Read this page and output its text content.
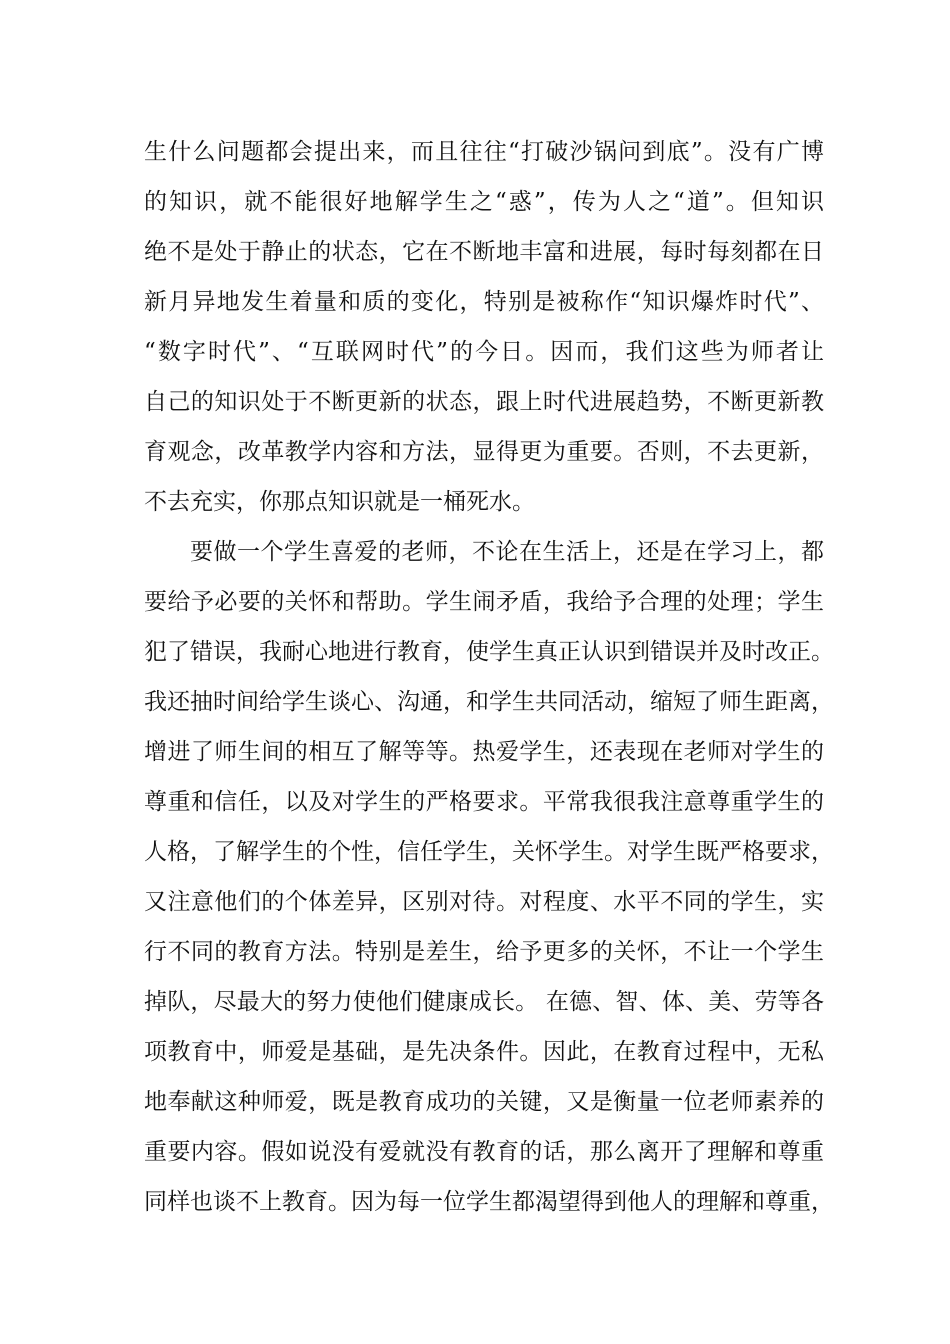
生什么问题都会提出来，而且往往“打破沙锅问到底”。没有广博
的知识，就不能很好地解学生之“惑”，传为人之“道”。但知识
绝不是处于静止的状态，它在不断地丰富和进展，每时每刻都在日
新月异地发生着量和质的变化，特别是被称作“知识爆炸时代”、
“数字时代”、“互联网时代”的今日。因而，我们这些为师者让
自己的知识处于不断更新的状态，跟上时代进展趋势，不断更新教
育观念，改革教学内容和方法，显得更为重要。否则，不去更新，
不去充实，你那点知识就是一桶死水。
要做一个学生喜爱的老师，不论在生活上，还是在学习上，都
要给予必要的关怀和帮助。学生闹矛盾，我给予合理的处理；学生
犯了错误，我耐心地进行教育，使学生真正认识到错误并及时改正。
我还抽时间给学生谈心、沟通，和学生共同活动，缩短了师生距离，
增进了师生间的相互了解等等。热爱学生，还表现在老师对学生的
尊重和信任，以及对学生的严格要求。平常我很我注意尊重学生的
人格，了解学生的个性，信任学生，关怀学生。对学生既严格要求，
又注意他们的个体差异，区别对待。对程度、水平不同的学生，实
行不同的教育方法。特别是差生，给予更多的关怀，不让一个学生
掉队，尽最大的努力使他们健康成长。 在德、智、体、美、劳等各
项教育中，师爱是基础，是先决条件。因此，在教育过程中，无私
地奉献这种师爱，既是教育成功的关键，又是衡量一位老师素养的
重要内容。假如说没有爱就没有教育的话，那么离开了理解和尊重
同样也谈不上教育。因为每一位学生都渴望得到他人的理解和尊重，
